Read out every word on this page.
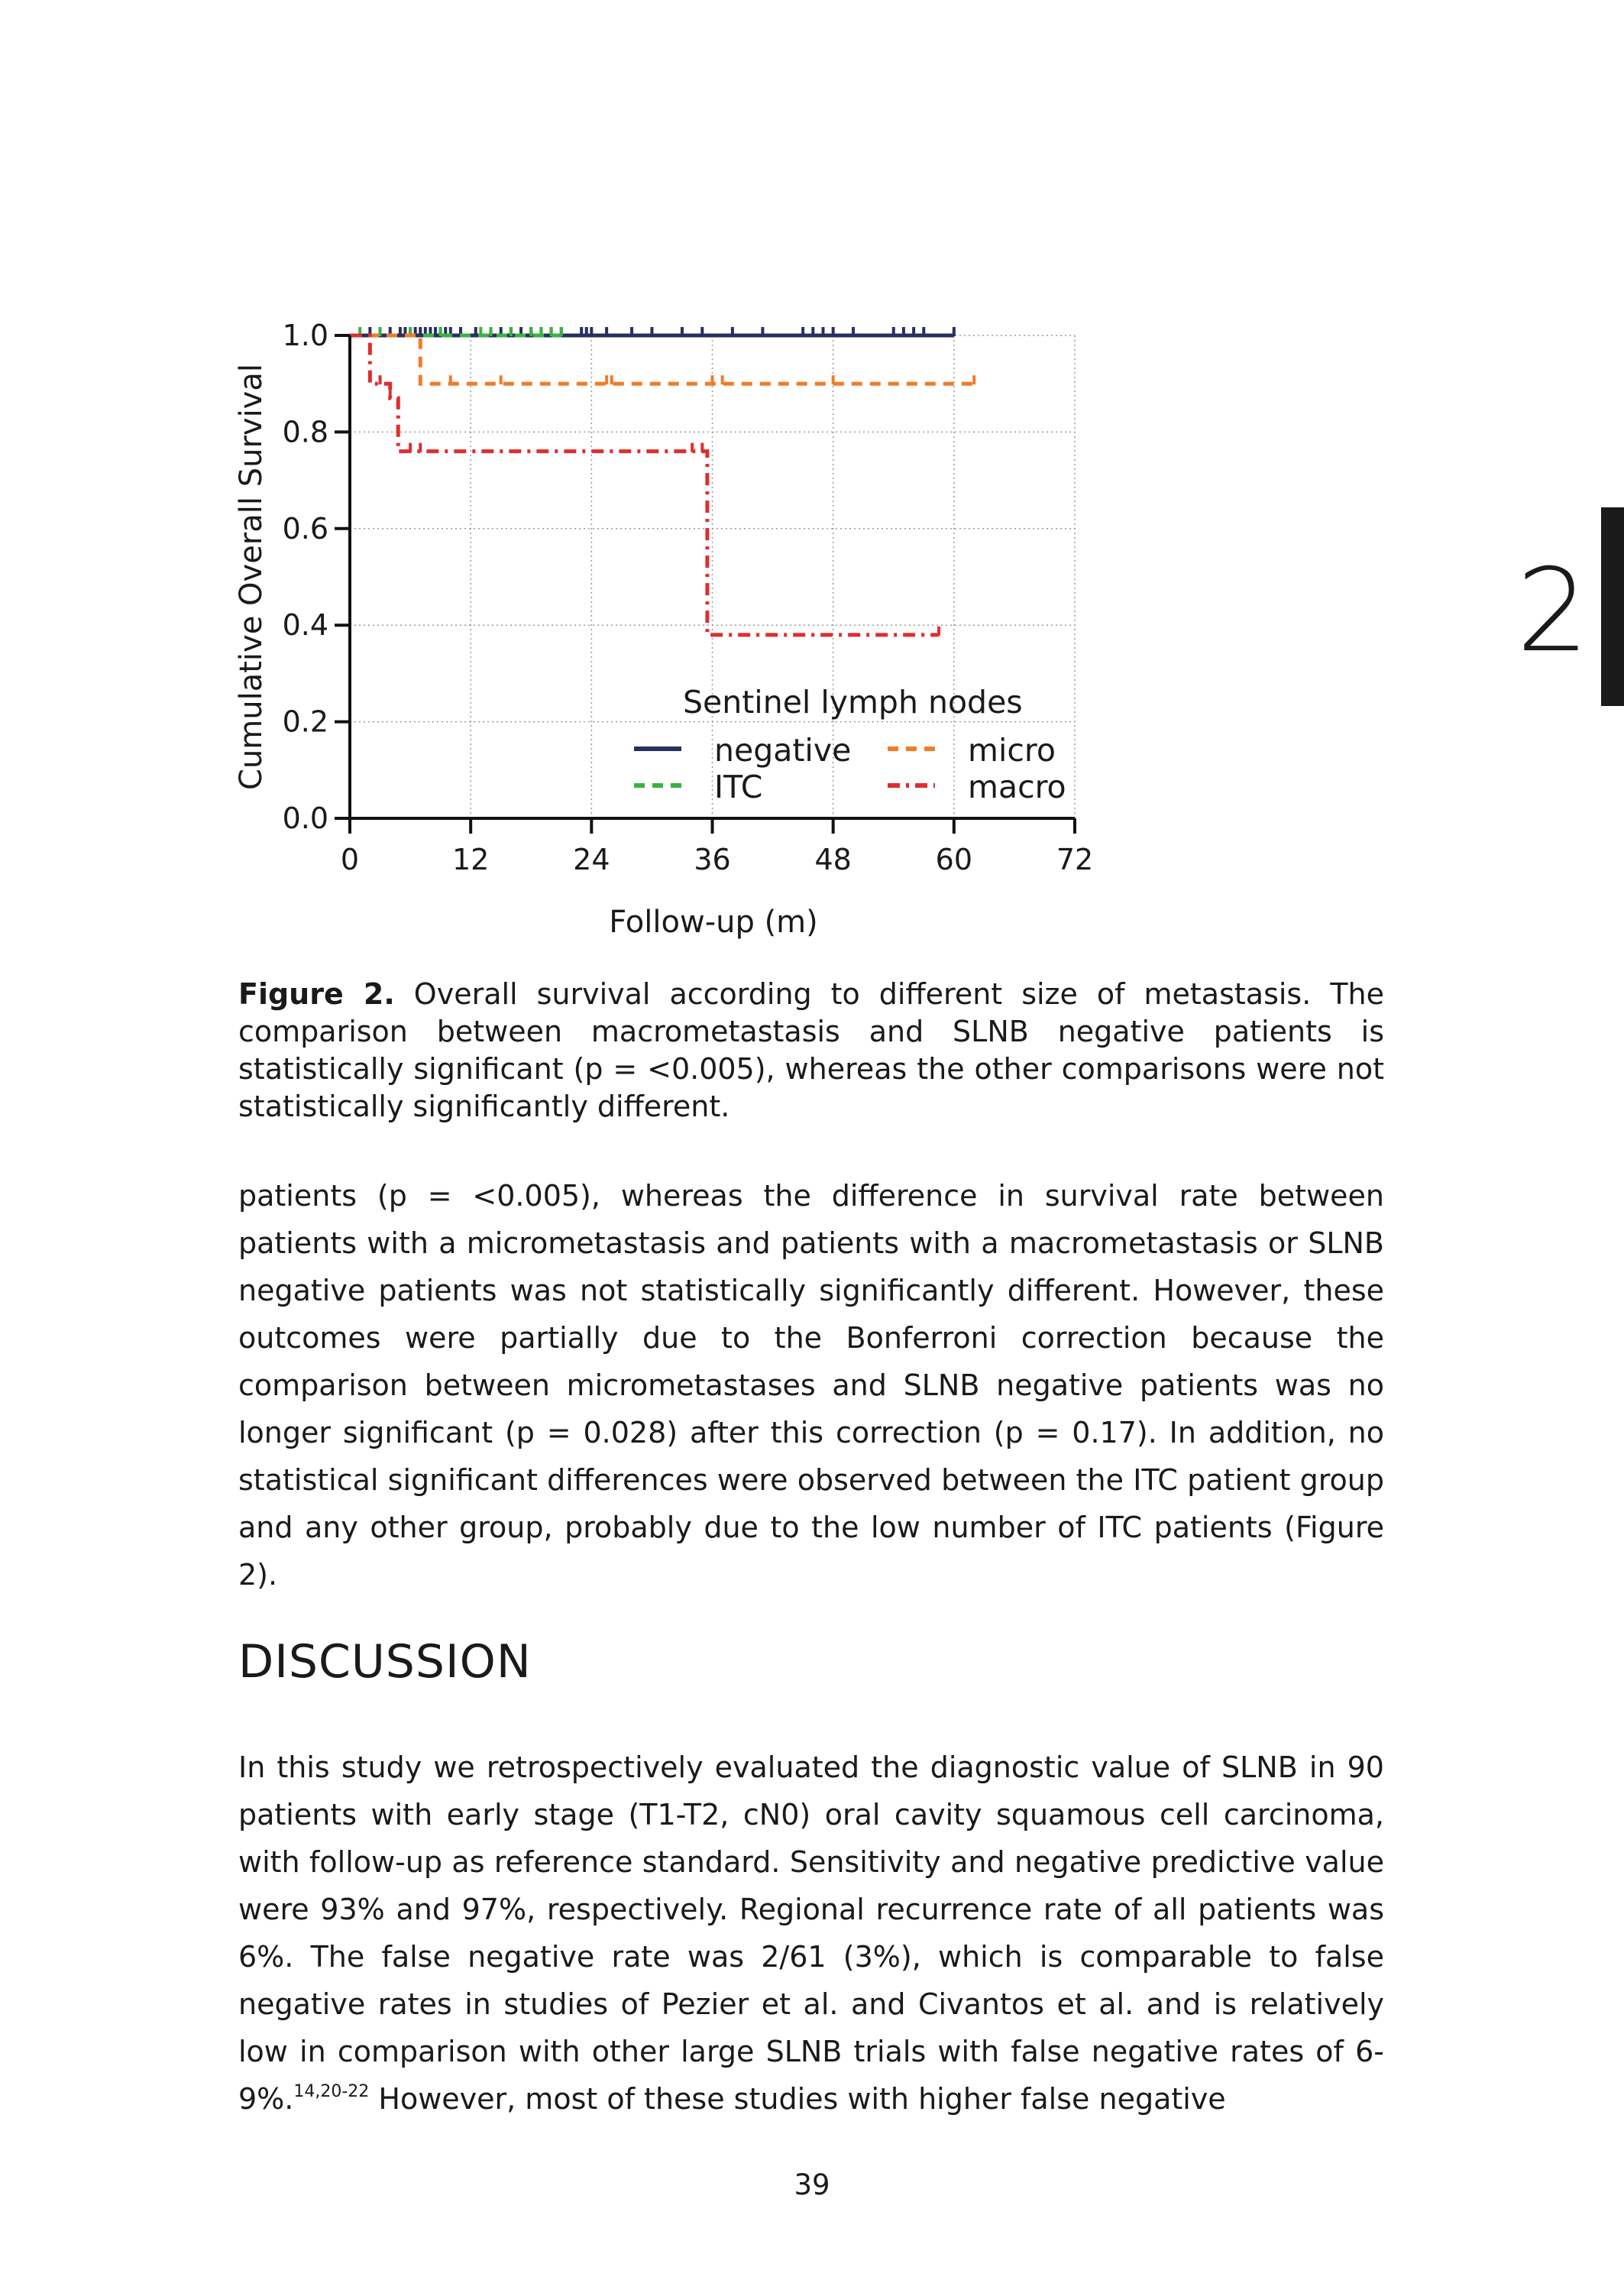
0	12	24	36	48	60	72
0.0
0.2
0.4
0.6
0.8
1.0
Cumulative Overall Survival
Follow-up (m)
Sentinel lymph nodes
negative
ITC
micro
macro
2
Figure 2. Overall survival according to different size of metastasis. The comparison between macrometastasis and SLNB negative patients is statistically significant (p = <0.005), whereas the other comparisons were not statistically significantly different.
patients (p = <0.005), whereas the difference in survival rate between patients with a micrometastasis and patients with a macrometastasis or SLNB negative patients was not statistically significantly different. However, these outcomes were partially due to the Bonferroni correction because the comparison between micrometastases and SLNB negative patients was no longer significant (p = 0.028) after this correction (p = 0.17). In addition, no statistical significant differences were observed between the ITC patient group and any other group, probably due to the low number of ITC patients (Figure 2).
DISCUSSION
In this study we retrospectively evaluated the diagnostic value of SLNB in 90 patients with early stage (T1-T2, cN0) oral cavity squamous cell carcinoma, with follow-up as reference standard. Sensitivity and negative predictive value were 93% and 97%, respectively. Regional recurrence rate of all patients was 6%. The false negative rate was 2/61 (3%), which is comparable to false negative rates in studies of Pezier et al. and Civantos et al. and is relatively low in comparison with other large SLNB trials with false negative rates of 6-9%.$^{14,20-22}$ However, most of these studies with higher false negative
39
